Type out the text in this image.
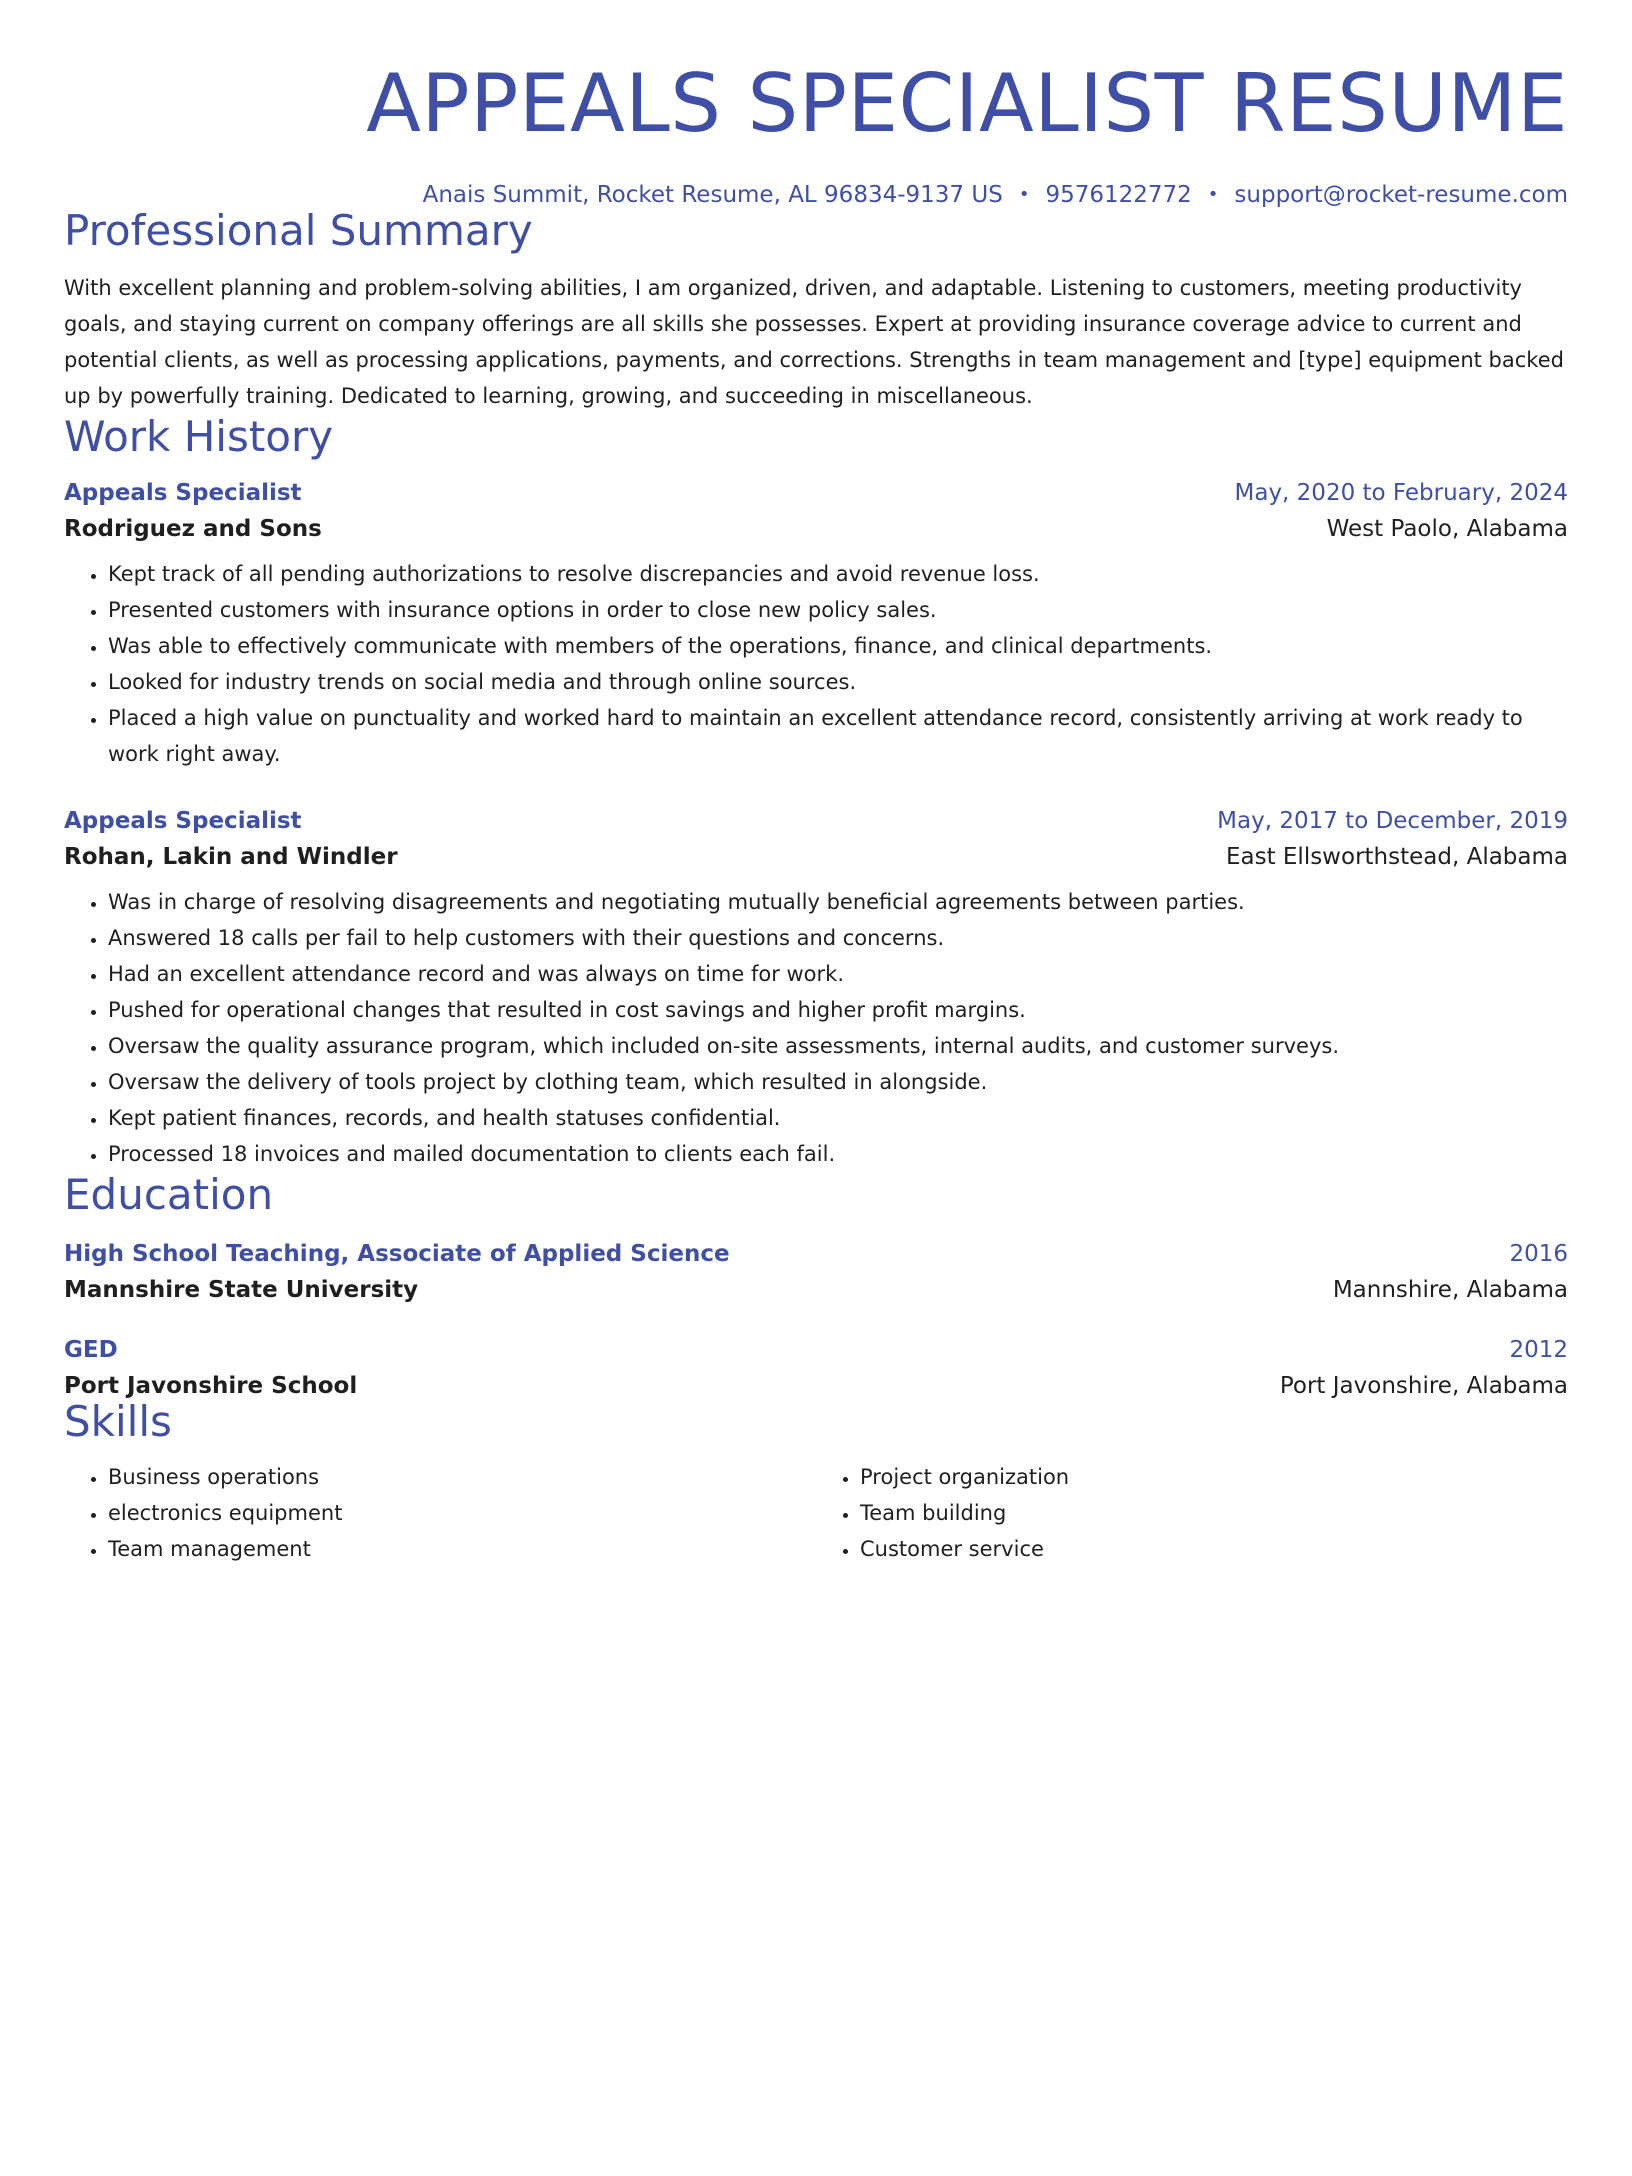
APPEALS SPECIALIST RESUME
Anais Summit, Rocket Resume, AL 96834-9137 US • 9576122772 • support@rocket-resume.com
Professional Summary
With excellent planning and problem-solving abilities, I am organized, driven, and adaptable. Listening to customers, meeting productivity goals, and staying current on company offerings are all skills she possesses. Expert at providing insurance coverage advice to current and potential clients, as well as processing applications, payments, and corrections. Strengths in team management and [type] equipment backed up by powerfully training. Dedicated to learning, growing, and succeeding in miscellaneous.
Work History
Appeals Specialist	May, 2020 to February, 2024
Rodriguez and Sons	West Paolo, Alabama
• Kept track of all pending authorizations to resolve discrepancies and avoid revenue loss.
• Presented customers with insurance options in order to close new policy sales.
• Was able to effectively communicate with members of the operations, finance, and clinical departments.
• Looked for industry trends on social media and through online sources.
• Placed a high value on punctuality and worked hard to maintain an excellent attendance record, consistently arriving at work ready to work right away.
Appeals Specialist	May, 2017 to December, 2019
Rohan, Lakin and Windler	East Ellsworthstead, Alabama
• Was in charge of resolving disagreements and negotiating mutually beneficial agreements between parties.
• Answered 18 calls per fail to help customers with their questions and concerns.
• Had an excellent attendance record and was always on time for work.
• Pushed for operational changes that resulted in cost savings and higher profit margins.
• Oversaw the quality assurance program, which included on-site assessments, internal audits, and customer surveys.
• Oversaw the delivery of tools project by clothing team, which resulted in alongside.
• Kept patient finances, records, and health statuses confidential.
• Processed 18 invoices and mailed documentation to clients each fail.
Education
High School Teaching, Associate of Applied Science	2016
Mannshire State University	Mannshire, Alabama
GED	2012
Port Javonshire School	Port Javonshire, Alabama
Skills
• Business operations
• electronics equipment
• Team management
• Project organization
• Team building
• Customer service
